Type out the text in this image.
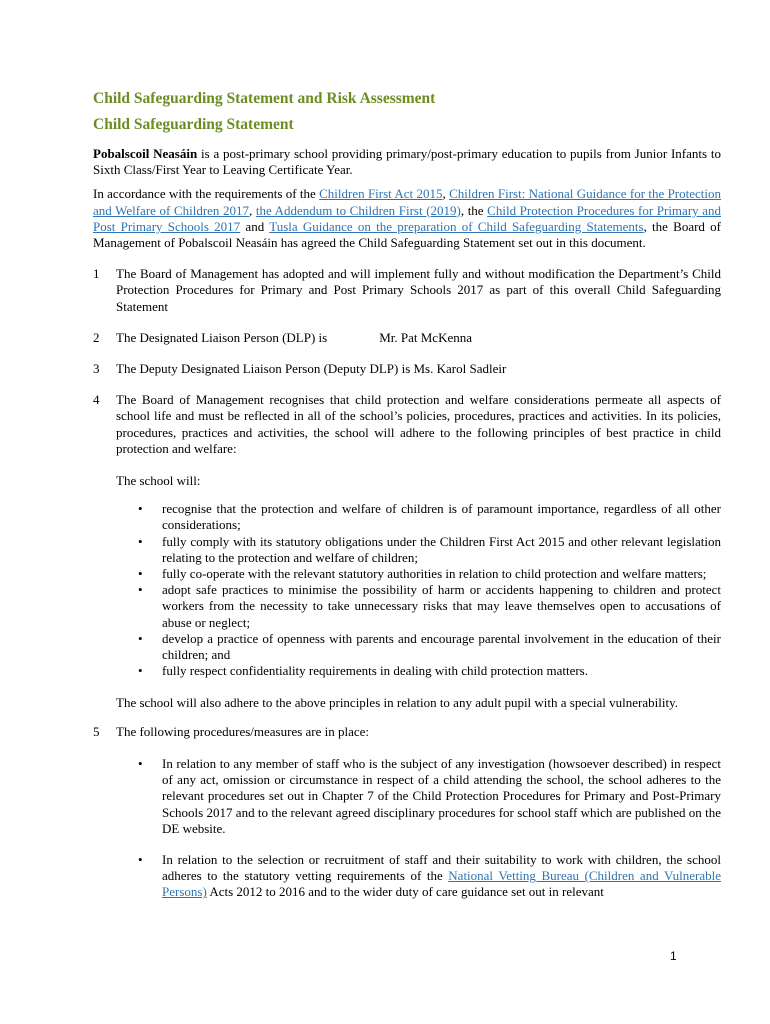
Child Safeguarding Statement and Risk Assessment
Child Safeguarding Statement

Pobalscoil Neasáin is a post-primary school providing primary/post-primary education to pupils from Junior Infants to Sixth Class/First Year to Leaving Certificate Year.

In accordance with the requirements of the Children First Act 2015, Children First: National Guidance for the Protection and Welfare of Children 2017, the Addendum to Children First (2019), the Child Protection Procedures for Primary and Post Primary Schools 2017 and Tusla Guidance on the preparation of Child Safeguarding Statements, the Board of Management of Pobalscoil Neasáin has agreed the Child Safeguarding Statement set out in this document.

1	The Board of Management has adopted and will implement fully and without modification the Department’s Child Protection Procedures for Primary and Post Primary Schools 2017 as part of this overall Child Safeguarding Statement
2	The Designated Liaison Person (DLP) is	Mr. Pat McKenna
3	The Deputy Designated Liaison Person (Deputy DLP) is Ms. Karol Sadleir
4	The Board of Management recognises that child protection and welfare considerations permeate all aspects of school life and must be reflected in all of the school’s policies, procedures, practices and activities. In its policies, procedures, practices and activities, the school will adhere to the following principles of best practice in child protection and welfare:
The school will:
•	recognise that the protection and welfare of children is of paramount importance, regardless of all other considerations;
•	fully comply with its statutory obligations under the Children First Act 2015 and other relevant legislation relating to the protection and welfare of children;
•	fully co-operate with the relevant statutory authorities in relation to child protection and welfare matters;
•	adopt safe practices to minimise the possibility of harm or accidents happening to children and protect workers from the necessity to take unnecessary risks that may leave themselves open to accusations of abuse or neglect;
•	develop a practice of openness with parents and encourage parental involvement in the education of their children; and
•	fully respect confidentiality requirements in dealing with child protection matters.
The school will also adhere to the above principles in relation to any adult pupil with a special vulnerability.
5	The following procedures/measures are in place:
•	In relation to any member of staff who is the subject of any investigation (howsoever described) in respect of any act, omission or circumstance in respect of a child attending the school, the school adheres to the relevant procedures set out in Chapter 7 of the Child Protection Procedures for Primary and Post-Primary Schools 2017 and to the relevant agreed disciplinary procedures for school staff which are published on the DE website.
•	In relation to the selection or recruitment of staff and their suitability to work with children, the school adheres to the statutory vetting requirements of the National Vetting Bureau (Children and Vulnerable Persons) Acts 2012 to 2016 and to the wider duty of care guidance set out in relevant
1
